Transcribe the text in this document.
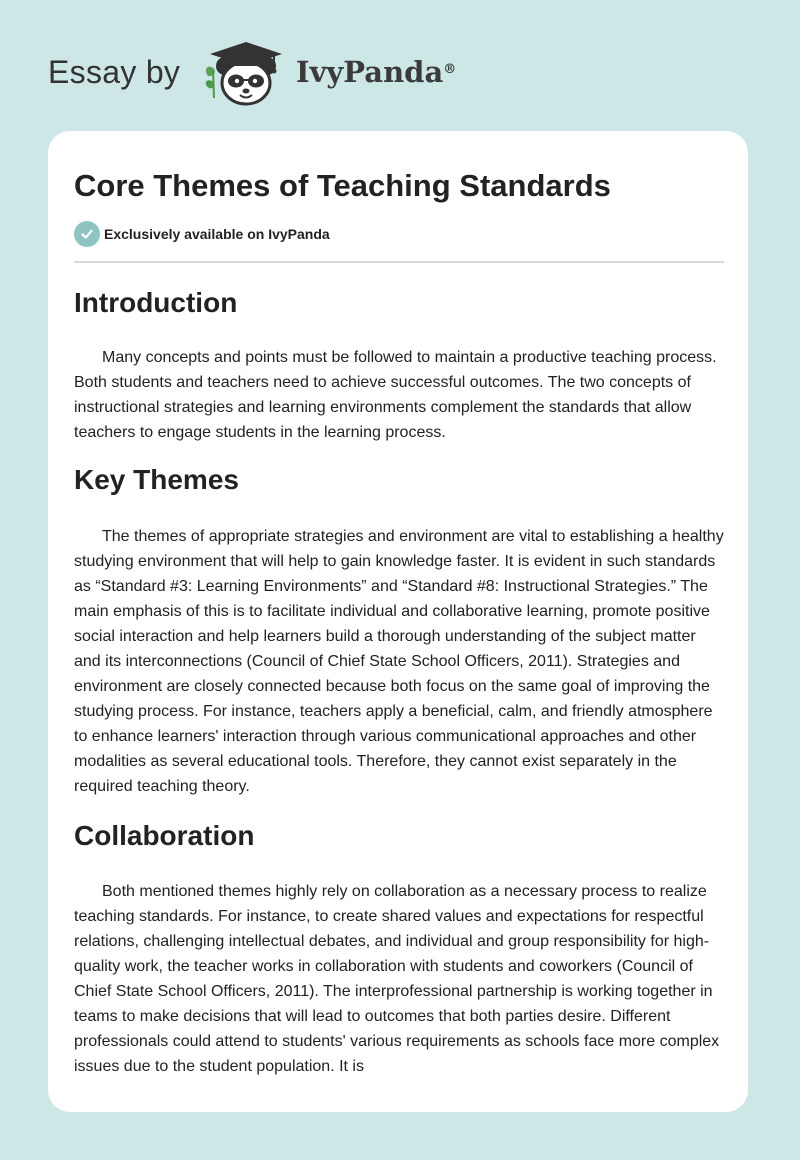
Essay by	IvyPanda®
Core Themes of Teaching Standards
Exclusively available on IvyPanda
Introduction

Many concepts and points must be followed to maintain a productive teaching process. Both students and teachers need to achieve successful outcomes. The two concepts of instructional strategies and learning environments complement the standards that allow teachers to engage students in the learning process.

Key Themes

The themes of appropriate strategies and environment are vital to establishing a healthy studying environment that will help to gain knowledge faster. It is evident in such standards as “Standard #3: Learning Environments” and “Standard #8: Instructional Strategies.” The main emphasis of this is to facilitate individual and collaborative learning, promote positive social interaction and help learners build a thorough understanding of the subject matter and its interconnections (Council of Chief State School Officers, 2011). Strategies and environment are closely connected because both focus on the same goal of improving the studying process. For instance, teachers apply a beneficial, calm, and friendly atmosphere to enhance learners' interaction through various communicational approaches and other modalities as several educational tools. Therefore, they cannot exist separately in the required teaching theory.

Collaboration

Both mentioned themes highly rely on collaboration as a necessary process to realize teaching standards. For instance, to create shared values and expectations for respectful relations, challenging intellectual debates, and individual and group responsibility for high-quality work, the teacher works in collaboration with students and coworkers (Council of Chief State School Officers, 2011). The interprofessional partnership is working together in teams to make decisions that will lead to outcomes that both parties desire. Different professionals could attend to students' various requirements as schools face more complex issues due to the student population. It is
